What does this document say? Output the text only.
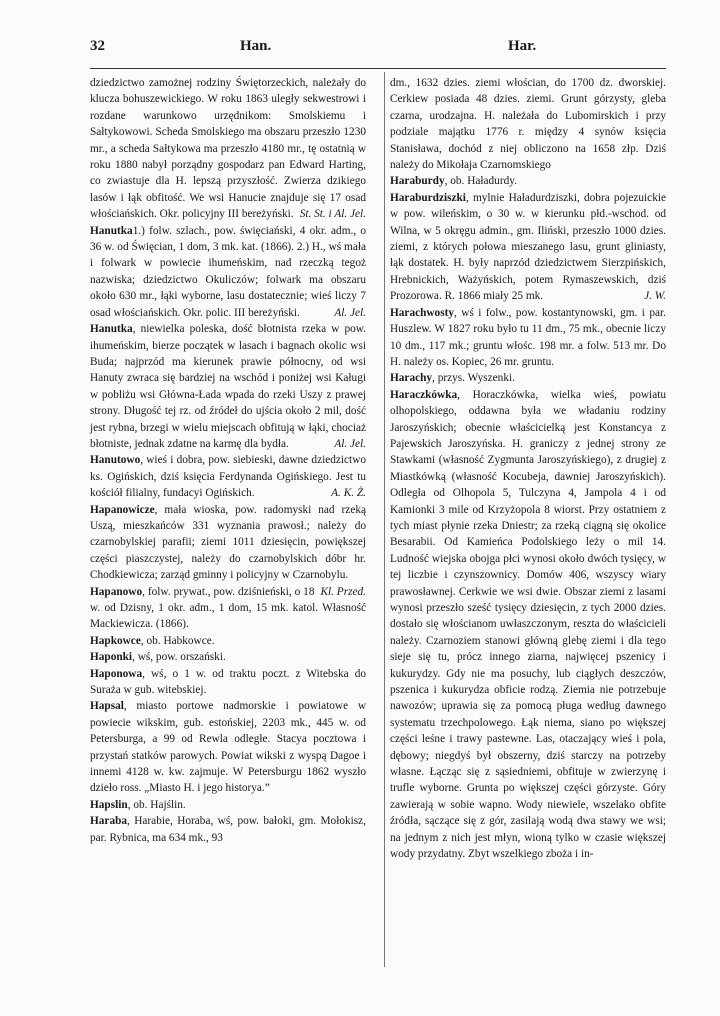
32	Han.	Har.

dziedzictwo zamożnej rodziny Świętorzeckich, należały do klucza bohuszewickiego. W roku 1863 uległy sekwestrowi i rozdane warunkowo urzędnikom: Smolskiemu i Sałtykowowi. Scheda Smolskiego ma obszaru przeszło 1230 mr., a scheda Sałtykowa ma przeszło 4180 mr., tę ostatnią w roku 1880 nabył porządny gospodarz pan Edward Harting, co zwiastuje dla H. lepszą przyszłość. Zwierza dzikiego lasów i łąk obfitość. We wsi Hanucie znajduje się 17 osad włościańskich. Okr. policyjny III bereżyński. St. St. i Al. Jel.

Hanutka1.) folw. szlach., pow. święciański, 4 okr. adm., o 36 w. od Święcian, 1 dom, 3 mk. kat. (1866). 2.) H., wś mała i folwark w powiecie ihumeńskim, nad rzeczką tegoż nazwiska; dziedzictwo Okuliczów; folwark ma obszaru około 630 mr., łąki wyborne, lasu dostatecznie; wieś liczy 7 osad włościańskich. Okr. polic. III bereżyński.	Al. Jel.

Hanutka, niewielka poleska, dość błotnista rzeka w pow. ihumeńskim, bierze początek w lasach i bagnach okolic wsi Buda; najprzód ma kierunek prawie północny, od wsi Hanuty zwraca się bardziej na wschód i poniżej wsi Kaługi w pobliżu wsi Główna-Łada wpada do rzeki Uszy z prawej strony. Długość tej rz. od źródeł do ujścia około 2 mil, dość jest rybna, brzegi w wielu miejscach obfitują w łąki, chociaż błotniste, jednak zdatne na karmę dla bydła.	Al. Jel.

Hanutowo, wieś i dobra, pow. siebieski, dawne dziedzictwo ks. Ogińskich, dziś księcia Ferdynanda Ogińskiego. Jest tu kościół filialny, fundacyi Ogińskich.	A. K. Ż.

Hapanowicze, mała wioska, pow. radomyski nad rzeką Uszą, mieszkańców 331 wyznania prawosł.; należy do czarnobylskiej parafii; ziemi 1011 dziesięcin, powiększej części piaszczystej, należy do czarnobylskich dóbr hr. Chodkiewicza; zarząd gminny i policyjny w Czarnobylu.
Kl. Przed.

Hapanowo, folw. prywat., pow. dziśnieński, o 18 w. od Dzisny, 1 okr. adm., 1 dom, 15 mk. katol. Własność Mackiewicza. (1866).

Hapkowce, ob. Habkowce.

Haponki, wś, pow. orszański.

Haponowa, wś, o 1 w. od traktu poczt. z Witebska do Suraża w gub. witebskiej.

Hapsal, miasto portowe nadmorskie i powiatowe w powiecie wikskim, gub. estońskiej, 2203 mk., 445 w. od Petersburga, a 99 od Rewla odległe. Stacya pocztowa i przystań statków parowych. Powiat wikski z wyspą Dagoe i innemi 4128 w. kw. zajmuje. W Petersburgu 1862 wyszło dzieło ross. „Miasto H. i jego historya.”

Hapslin, ob. Hajślin.

Haraba, Harabie, Horaba, wś, pow. bałoki, gm. Mołokisz, par. Rybnica, ma 634 mk., 93

dm., 1632 dzies. ziemi włościan, do 1700 dz. dworskiej. Cerkiew posiada 48 dzies. ziemi. Grunt górzysty, gleba czarna, urodzajna. H. należała do Lubomirskich i przy podziale majątku 1776 r. między 4 synów księcia Stanisława, dochód z niej obliczono na 1658 złp. Dziś należy do Mikołaja Czarnomskiego

Haraburdy, ob. Haładurdy.

Haraburdziszki, mylnie Haładurdziszki, dobra pojezuickie w pow. wileńskim, o 30 w. w kierunku płd.-wschod. od Wilna, w 5 okręgu admin., gm. Iliński, przeszło 1000 dzies. ziemi, z których połowa mieszanego lasu, grunt gliniasty, łąk dostatek. H. były naprzód dziedzictwem Sierzpińskich, Hrebnickich, Ważyńskich, potem Rymaszewskich, dziś Prozorowa. R. 1866 miały 25 mk.	J. W.

Harachwosty, wś i folw., pow. kostantynowski, gm. i par. Huszlew. W 1827 roku było tu 11 dm., 75 mk., obecnie liczy 10 dm., 117 mk.; gruntu włośc. 198 mr. a folw. 513 mr. Do H. należy os. Kopiec, 26 mr. gruntu.

Harachy, przys. Wyszenki.

Haraczkówka, Horaczkówka, wielka wieś, powiatu olhopolskiego, oddawna była we władaniu rodziny Jaroszyńskich; obecnie właścicielką jest Konstancya z Pajewskich Jaroszyńska. H. graniczy z jednej strony ze Stawkami (własność Zygmunta Jaroszyńskiego), z drugiej z Miastkówką (własność Kocubeja, dawniej Jaroszyńskich). Odległa od Olhopola 5, Tulczyna 4, Jampola 4 i od Kamionki 3 mile od Krzyżopola 8 wiorst. Przy ostatniem z tych miast płynie rzeka Dniestr; za rzeką ciągną się okolice Besarabii. Od Kamieńca Podolskiego leży o mil 14. Ludność wiejska obojga płci wynosi około dwóch tysięcy, w tej liczbie i czynszownicy. Domów 406, wszyscy wiary prawosławnej. Cerkwie we wsi dwie. Obszar ziemi z lasami wynosi przeszło sześć tysięcy dziesięcin, z tych 2000 dzies. dostało się włościanom uwłaszczonym, reszta do właścicieli należy. Czarnoziem stanowi główną glebę ziemi i dla tego sieje się tu, prócz innego ziarna, najwięcej pszenicy i kukurydzy. Gdy nie ma posuchy, lub ciągłych deszczów, pszenica i kukurydza obficie rodzą. Ziemia nie potrzebuje nawozów; uprawia się za pomocą pługa według dawnego systematu trzechpolowego. Łąk niema, siano po większej części leśne i trawy pastewne. Las, otaczający wieś i pola, dębowy; niegdyś był obszerny, dziś starczy na potrzeby własne. Łącząc się z sąsiedniemi, obfituje w zwierzynę i trufle wyborne. Grunta po większej części górzyste. Góry zawierają w sobie wapno. Wody niewiele, wszelako obfite źródła, sączące się z gór, zasilają wodą dwa stawy we wsi; na jednym z nich jest młyn, wioną tylko w czasie większej wody przydatny. Zbyt wszelkiego zboża i in-
